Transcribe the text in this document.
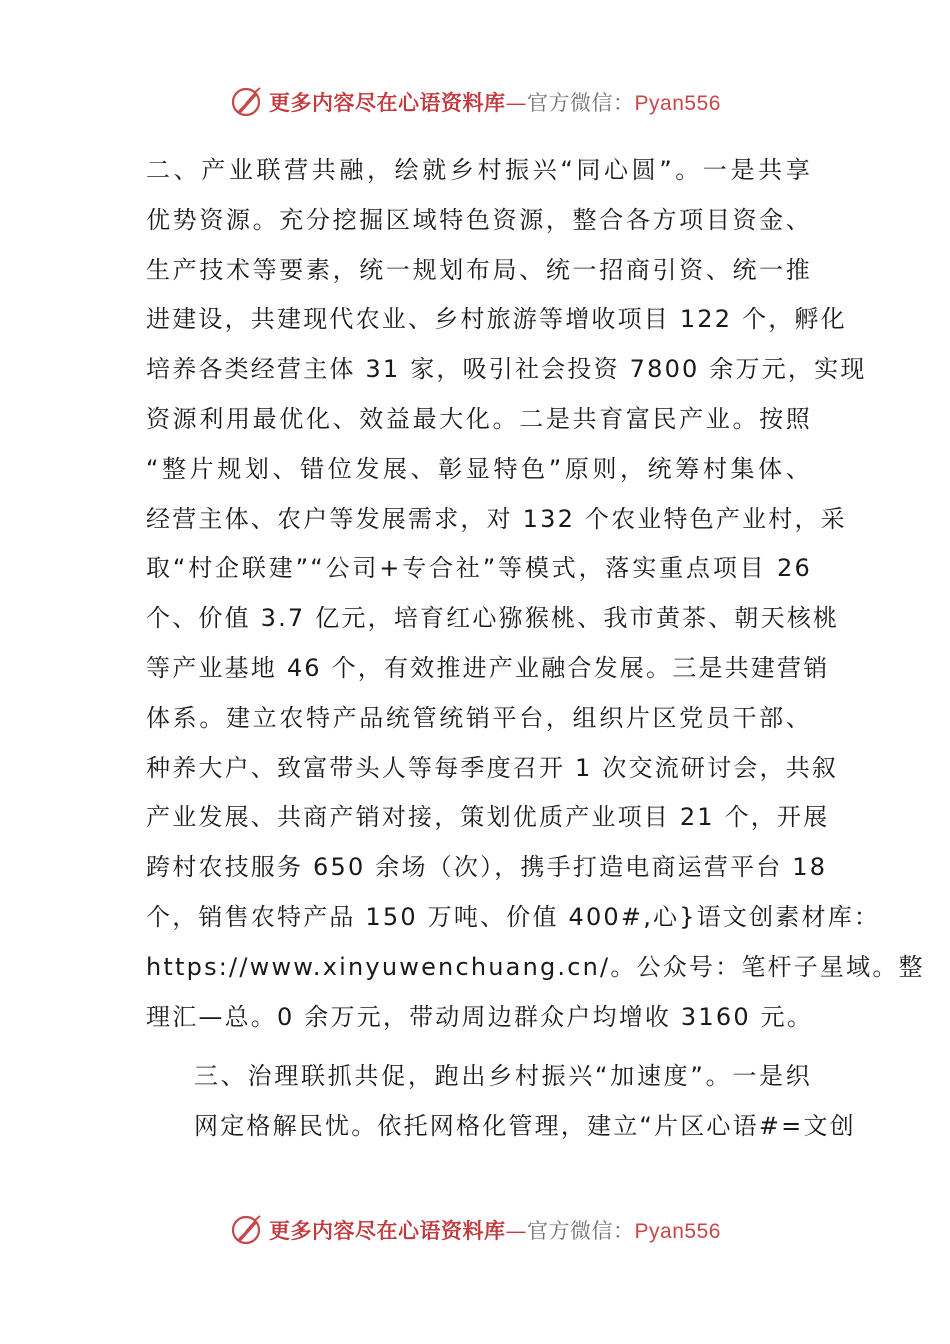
更多内容尽在心语资料库—官方微信：Pyan556

二、产业联营共融，绘就乡村振兴“同心圆”。一是共享
优势资源。充分挖掘区域特色资源，整合各方项目资金、
生产技术等要素，统一规划布局、统一招商引资、统一推
进建设，共建现代农业、乡村旅游等增收项目 122 个，孵化
培养各类经营主体 31 家，吸引社会投资 7800 余万元，实现
资源利用最优化、效益最大化。二是共育富民产业。按照
“整片规划、错位发展、彰显特色”原则，统筹村集体、
经营主体、农户等发展需求，对 132 个农业特色产业村，采
取“村企联建”“公司+专合社”等模式，落实重点项目 26
个、价值 3.7 亿元，培育红心猕猴桃、我市黄茶、朝天核桃
等产业基地 46 个，有效推进产业融合发展。三是共建营销
体系。建立农特产品统管统销平台，组织片区党员干部、
种养大户、致富带头人等每季度召开 1 次交流研讨会，共叙
产业发展、共商产销对接，策划优质产业项目 21 个，开展
跨村农技服务 650 余场（次），携手打造电商运营平台 18
个，销售农特产品 150 万吨、价值 400#,心}语文创素材库：
https://www.xinyuwenchuang.cn/。公众号：笔杆子星域。整
理汇—总。0 余万元，带动周边群众户均增收 3160 元。

三、治理联抓共促，跑出乡村振兴“加速度”。一是织
网定格解民忧。依托网格化管理，建立“片区心语#=文创

更多内容尽在心语资料库—官方微信：Pyan556
